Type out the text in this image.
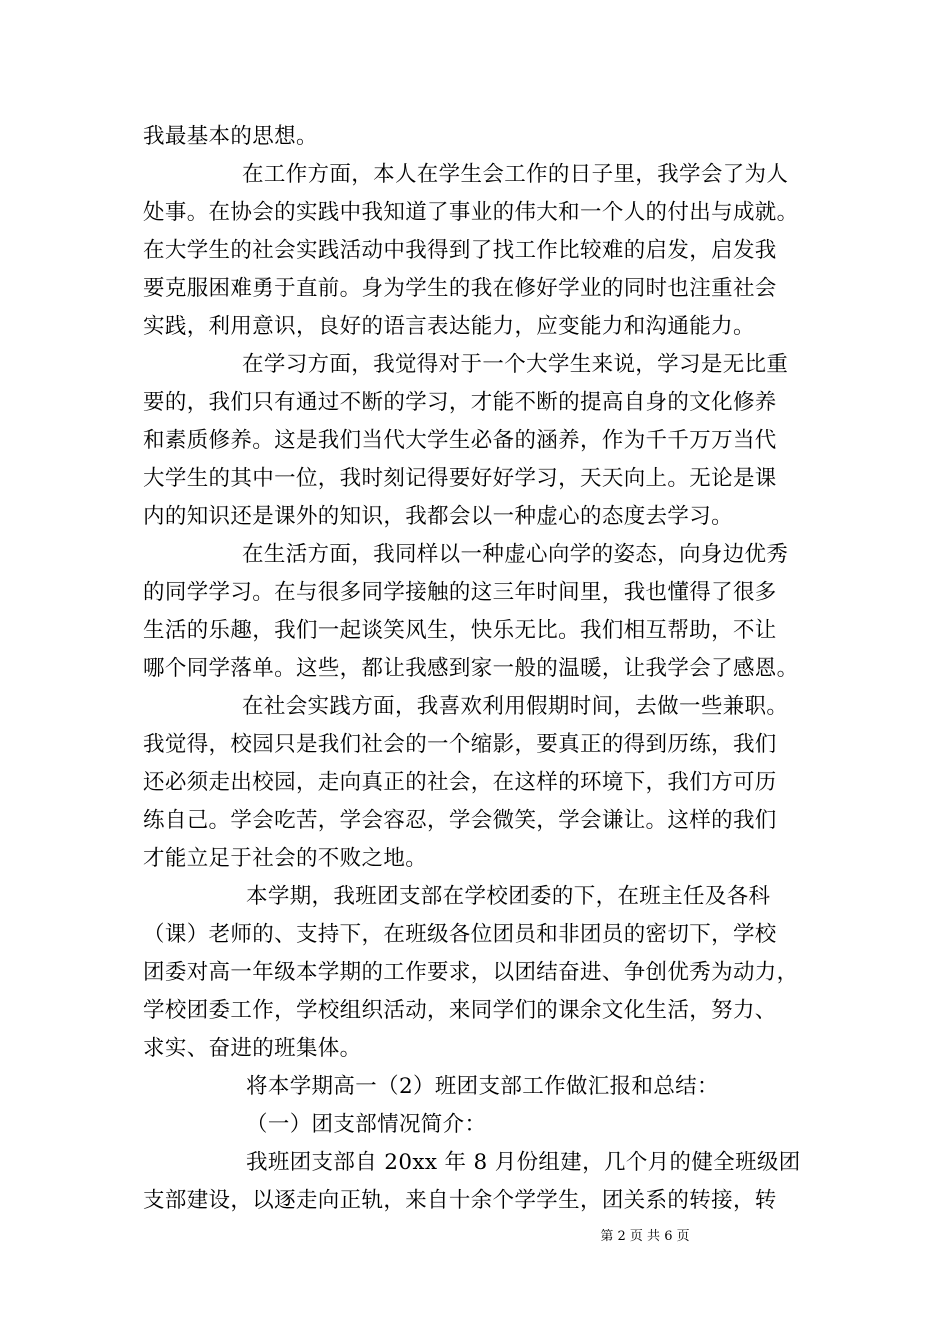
我最基本的思想。
在工作方面，本人在学生会工作的日子里，我学会了为人
处事。在协会的实践中我知道了事业的伟大和一个人的付出与成就。
在大学生的社会实践活动中我得到了找工作比较难的启发，启发我
要克服困难勇于直前。身为学生的我在修好学业的同时也注重社会
实践，利用意识，良好的语言表达能力，应变能力和沟通能力。
在学习方面，我觉得对于一个大学生来说，学习是无比重
要的，我们只有通过不断的学习，才能不断的提高自身的文化修养
和素质修养。这是我们当代大学生必备的涵养，作为千千万万当代
大学生的其中一位，我时刻记得要好好学习，天天向上。无论是课
内的知识还是课外的知识，我都会以一种虚心的态度去学习。
在生活方面，我同样以一种虚心向学的姿态，向身边优秀
的同学学习。在与很多同学接触的这三年时间里，我也懂得了很多
生活的乐趣，我们一起谈笑风生，快乐无比。我们相互帮助，不让
哪个同学落单。这些，都让我感到家一般的温暖，让我学会了感恩。
在社会实践方面，我喜欢利用假期时间，去做一些兼职。
我觉得，校园只是我们社会的一个缩影，要真正的得到历练，我们
还必须走出校园，走向真正的社会，在这样的环境下，我们方可历
练自己。学会吃苦，学会容忍，学会微笑，学会谦让。这样的我们
才能立足于社会的不败之地。
本学期，我班团支部在学校团委的下，在班主任及各科
（课）老师的、支持下，在班级各位团员和非团员的密切下，学校
团委对高一年级本学期的工作要求，以团结奋进、争创优秀为动力，
学校团委工作，学校组织活动，来同学们的课余文化生活，努力、
求实、奋进的班集体。
将本学期高一（2）班团支部工作做汇报和总结：
（一）团支部情况简介：
我班团支部自 20xx 年 8 月份组建，几个月的健全班级团
支部建设，以逐走向正轨，来自十余个学学生，团关系的转接，转
第 2 页 共 6 页
